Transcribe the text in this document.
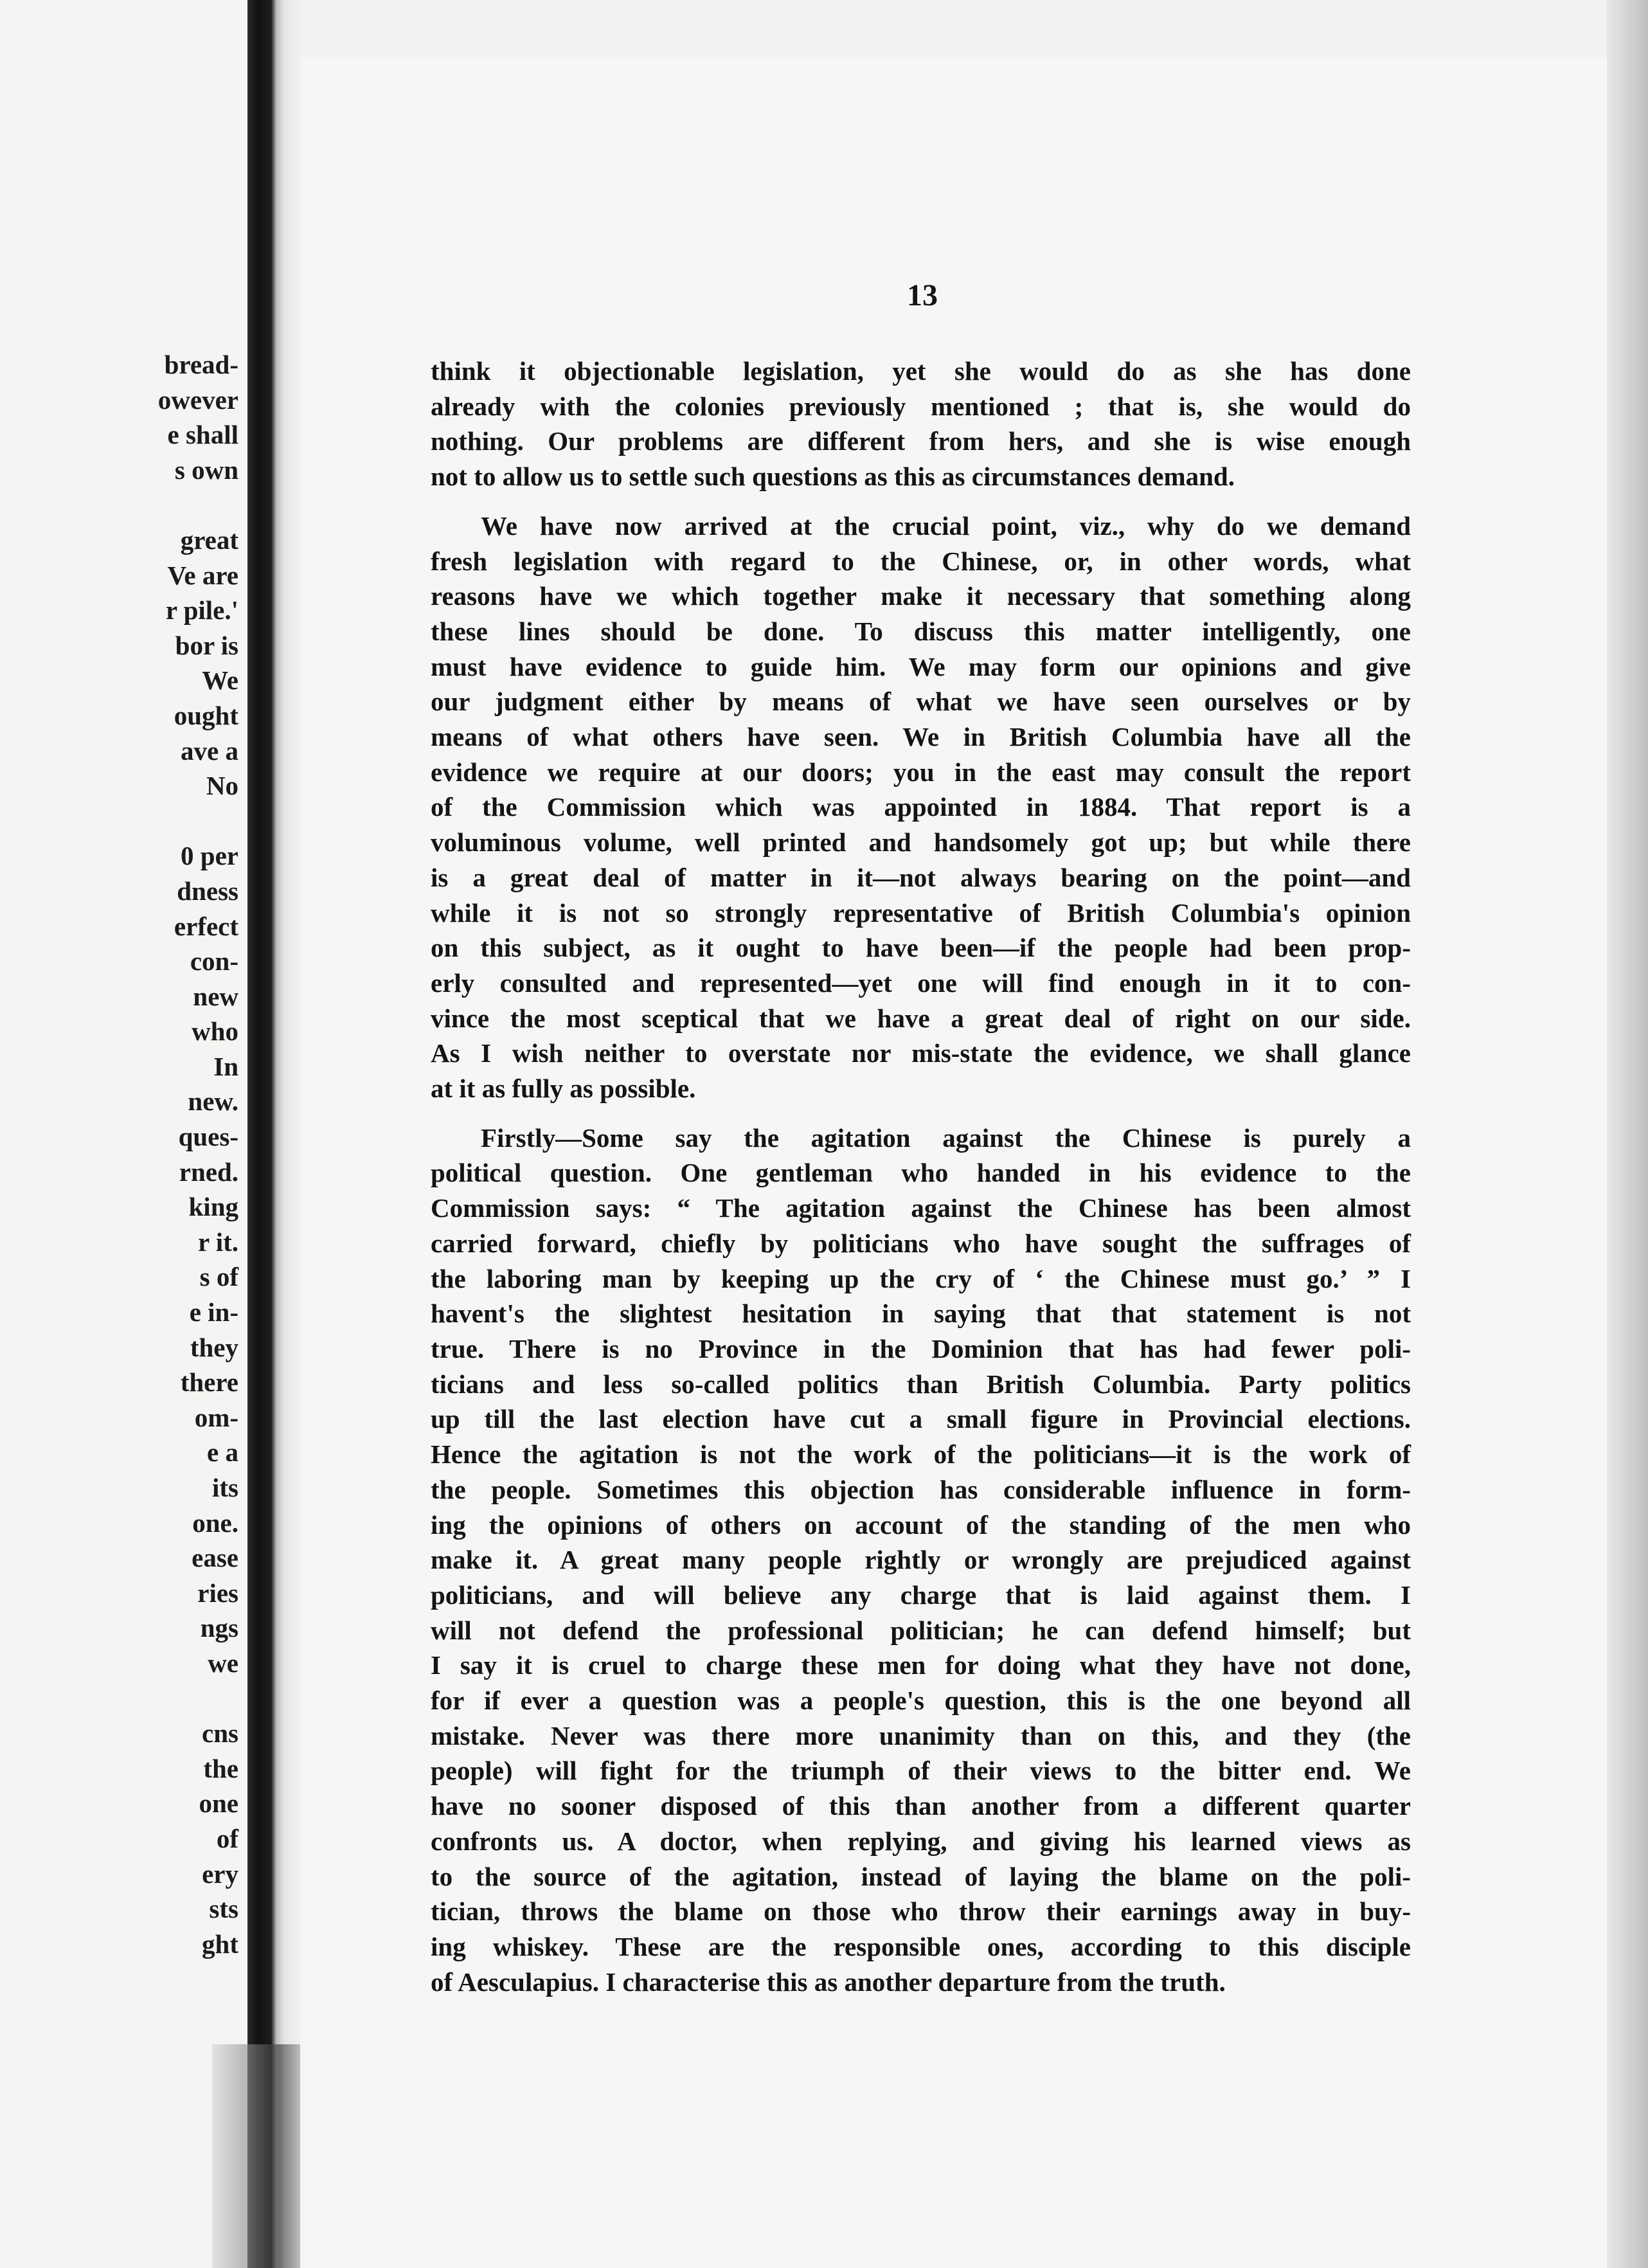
bread-
owever
e shall
s own

great
Ve are
r pile.'
bor is
We
ought
ave a
No

0 per
dness
erfect
con-
new
who
In
new.
ques-
rned.
king
r it.
s of
e in-
they
there
om-
e a
its
one.
ease
ries
ngs
we

cns
the
one
of
ery
sts
ght
13
think it objectionable legislation, yet she would do as she has done
already with the colonies previously mentioned ; that is, she would do
nothing. Our problems are different from hers, and she is wise enough
not to allow us to settle such questions as this as circumstances demand.
We have now arrived at the crucial point, viz., why do we demand
fresh legislation with regard to the Chinese, or, in other words, what
reasons have we which together make it necessary that something along
these lines should be done. To discuss this matter intelligently, one
must have evidence to guide him. We may form our opinions and give
our judgment either by means of what we have seen ourselves or by
means of what others have seen. We in British Columbia have all the
evidence we require at our doors; you in the east may consult the report
of the Commission which was appointed in 1884. That report is a
voluminous volume, well printed and handsomely got up; but while there
is a great deal of matter in it—not always bearing on the point—and
while it is not so strongly representative of British Columbia's opinion
on this subject, as it ought to have been—if the people had been prop-
erly consulted and represented—yet one will find enough in it to con-
vince the most sceptical that we have a great deal of right on our side.
As I wish neither to overstate nor mis-state the evidence, we shall glance
at it as fully as possible.
Firstly—Some say the agitation against the Chinese is purely a
political question. One gentleman who handed in his evidence to the
Commission says: “ The agitation against the Chinese has been almost
carried forward, chiefly by politicians who have sought the suffrages of
the laboring man by keeping up the cry of ‘ the Chinese must go.’ ” I
havent's the slightest hesitation in saying that that statement is not
true. There is no Province in the Dominion that has had fewer poli-
ticians and less so-called politics than British Columbia. Party politics
up till the last election have cut a small figure in Provincial elections.
Hence the agitation is not the work of the politicians—it is the work of
the people. Sometimes this objection has considerable influence in form-
ing the opinions of others on account of the standing of the men who
make it. A great many people rightly or wrongly are prejudiced against
politicians, and will believe any charge that is laid against them. I
will not defend the professional politician; he can defend himself; but
I say it is cruel to charge these men for doing what they have not done,
for if ever a question was a people's question, this is the one beyond all
mistake. Never was there more unanimity than on this, and they (the
people) will fight for the triumph of their views to the bitter end. We
have no sooner disposed of this than another from a different quarter
confronts us. A doctor, when replying, and giving his learned views as
to the source of the agitation, instead of laying the blame on the poli-
tician, throws the blame on those who throw their earnings away in buy-
ing whiskey. These are the responsible ones, according to this disciple
of Aesculapius. I characterise this as another departure from the truth.
